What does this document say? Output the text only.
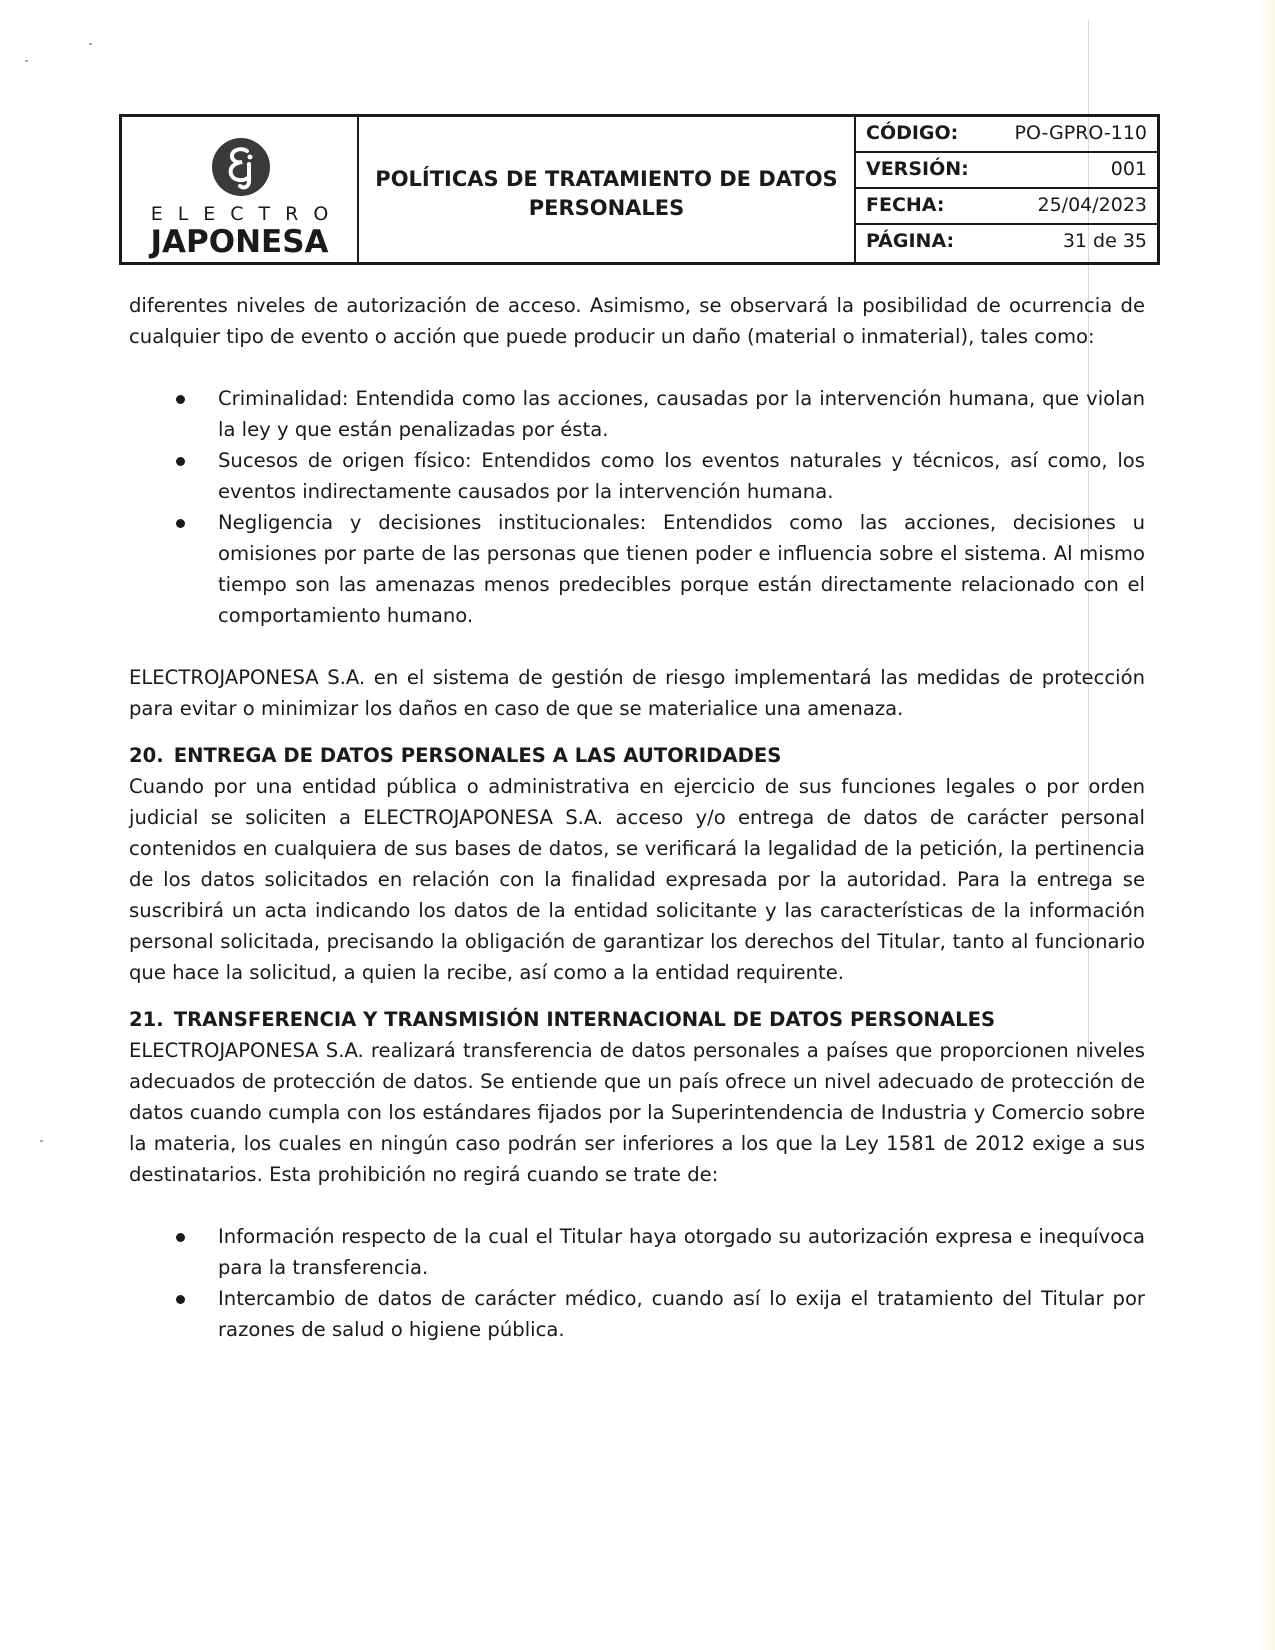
ELECTRO
JAPONESA
POLÍTICAS DE TRATAMIENTO DE DATOS PERSONALES
CÓDIGO:	PO-GPRO-110
VERSIÓN:	001
FECHA:	25/04/2023
PÁGINA:	31 de 35

diferentes niveles de autorización de acceso. Asimismo, se observará la posibilidad de ocurrencia de cualquier tipo de evento o acción que puede producir un daño (material o inmaterial), tales como:

Criminalidad: Entendida como las acciones, causadas por la intervención humana, que violan la ley y que están penalizadas por ésta.
Sucesos de origen físico: Entendidos como los eventos naturales y técnicos, así como, los eventos indirectamente causados por la intervención humana.
Negligencia y decisiones institucionales: Entendidos como las acciones, decisiones u omisiones por parte de las personas que tienen poder e influencia sobre el sistema. Al mismo tiempo son las amenazas menos predecibles porque están directamente relacionado con el comportamiento humano.

ELECTROJAPONESA S.A. en el sistema de gestión de riesgo implementará las medidas de protección para evitar o minimizar los daños en caso de que se materialice una amenaza.

20. ENTREGA DE DATOS PERSONALES A LAS AUTORIDADES

Cuando por una entidad pública o administrativa en ejercicio de sus funciones legales o por orden judicial se soliciten a ELECTROJAPONESA S.A. acceso y/o entrega de datos de carácter personal contenidos en cualquiera de sus bases de datos, se verificará la legalidad de la petición, la pertinencia de los datos solicitados en relación con la finalidad expresada por la autoridad. Para la entrega se suscribirá un acta indicando los datos de la entidad solicitante y las características de la información personal solicitada, precisando la obligación de garantizar los derechos del Titular, tanto al funcionario que hace la solicitud, a quien la recibe, así como a la entidad requirente.

21. TRANSFERENCIA Y TRANSMISIÓN INTERNACIONAL DE DATOS PERSONALES

ELECTROJAPONESA S.A. realizará transferencia de datos personales a países que proporcionen niveles adecuados de protección de datos. Se entiende que un país ofrece un nivel adecuado de protección de datos cuando cumpla con los estándares fijados por la Superintendencia de Industria y Comercio sobre la materia, los cuales en ningún caso podrán ser inferiores a los que la Ley 1581 de 2012 exige a sus destinatarios. Esta prohibición no regirá cuando se trate de:

Información respecto de la cual el Titular haya otorgado su autorización expresa e inequívoca para la transferencia.
Intercambio de datos de carácter médico, cuando así lo exija el tratamiento del Titular por razones de salud o higiene pública.
